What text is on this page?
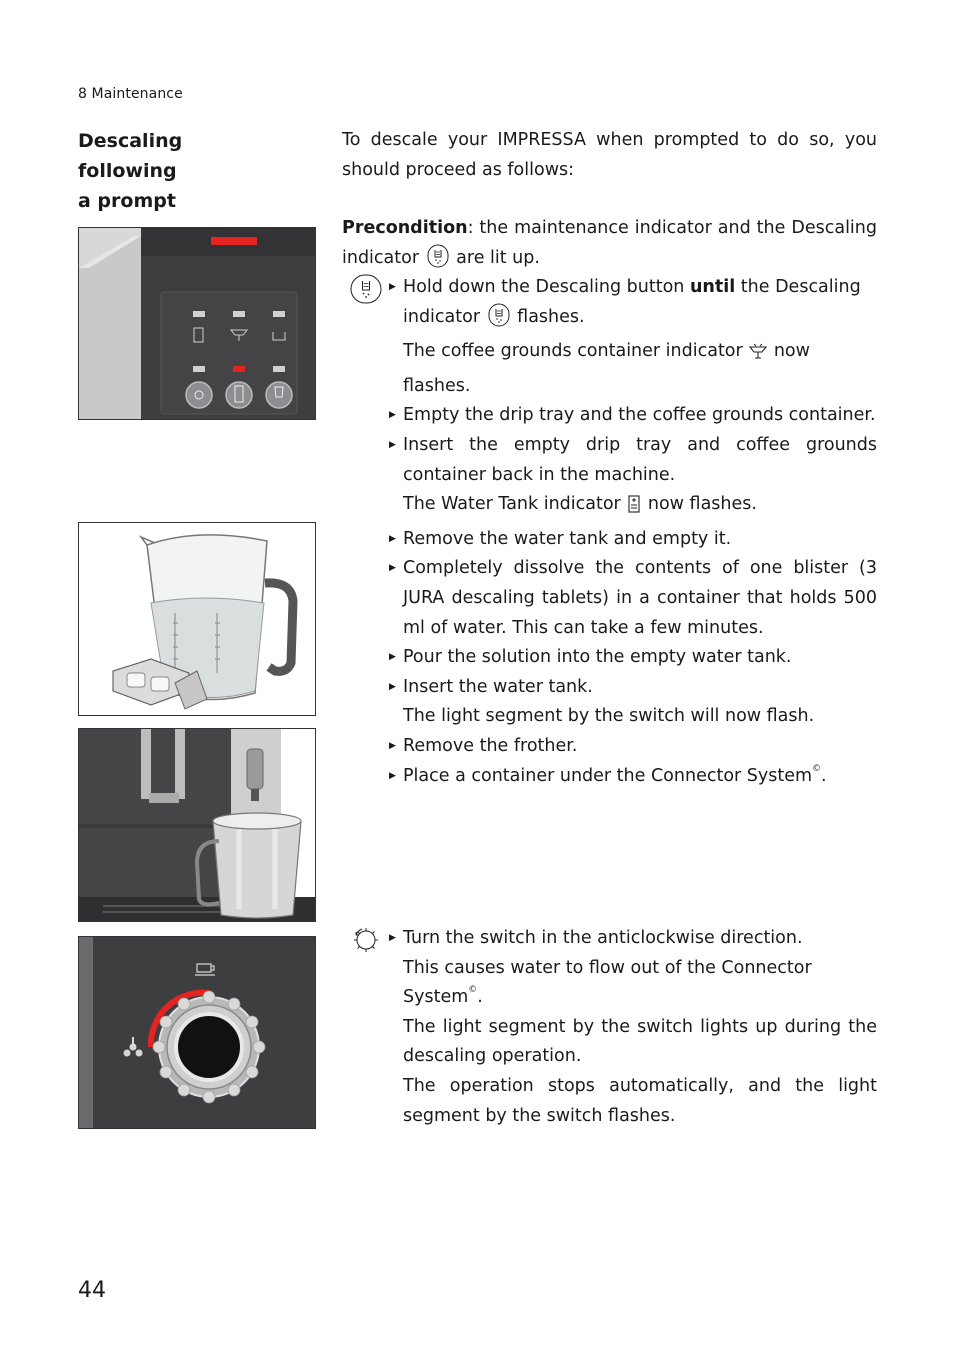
8 Maintenance
Descaling following
a prompt
To descale your IMPRESSA when prompted to do so, you should proceed as follows:
Precondition: the maintenance indicator and the Descaling indicator  are lit up.
▶ Hold down the Descaling button until the Descaling indicator  flashes.
The coffee grounds container indicator  now flashes.
▶ Empty the drip tray and the coffee grounds container.
▶ Insert the empty drip tray and coffee grounds container back in the machine.
The Water Tank indicator  now flashes.
▶ Remove the water tank and empty it.
▶ Completely dissolve the contents of one blister (3 JURA descaling tablets) in a container that holds 500 ml of water. This can take a few minutes.
▶ Pour the solution into the empty water tank.
▶ Insert the water tank.
The light segment by the switch will now flash.
▶ Remove the frother.
▶ Place a container under the Connector System©.
▶ Turn the switch in the anticlockwise direction.
This causes water to flow out of the Connector System©.
The light segment by the switch lights up during the descaling operation.
The operation stops automatically, and the light segment by the switch flashes.
44
